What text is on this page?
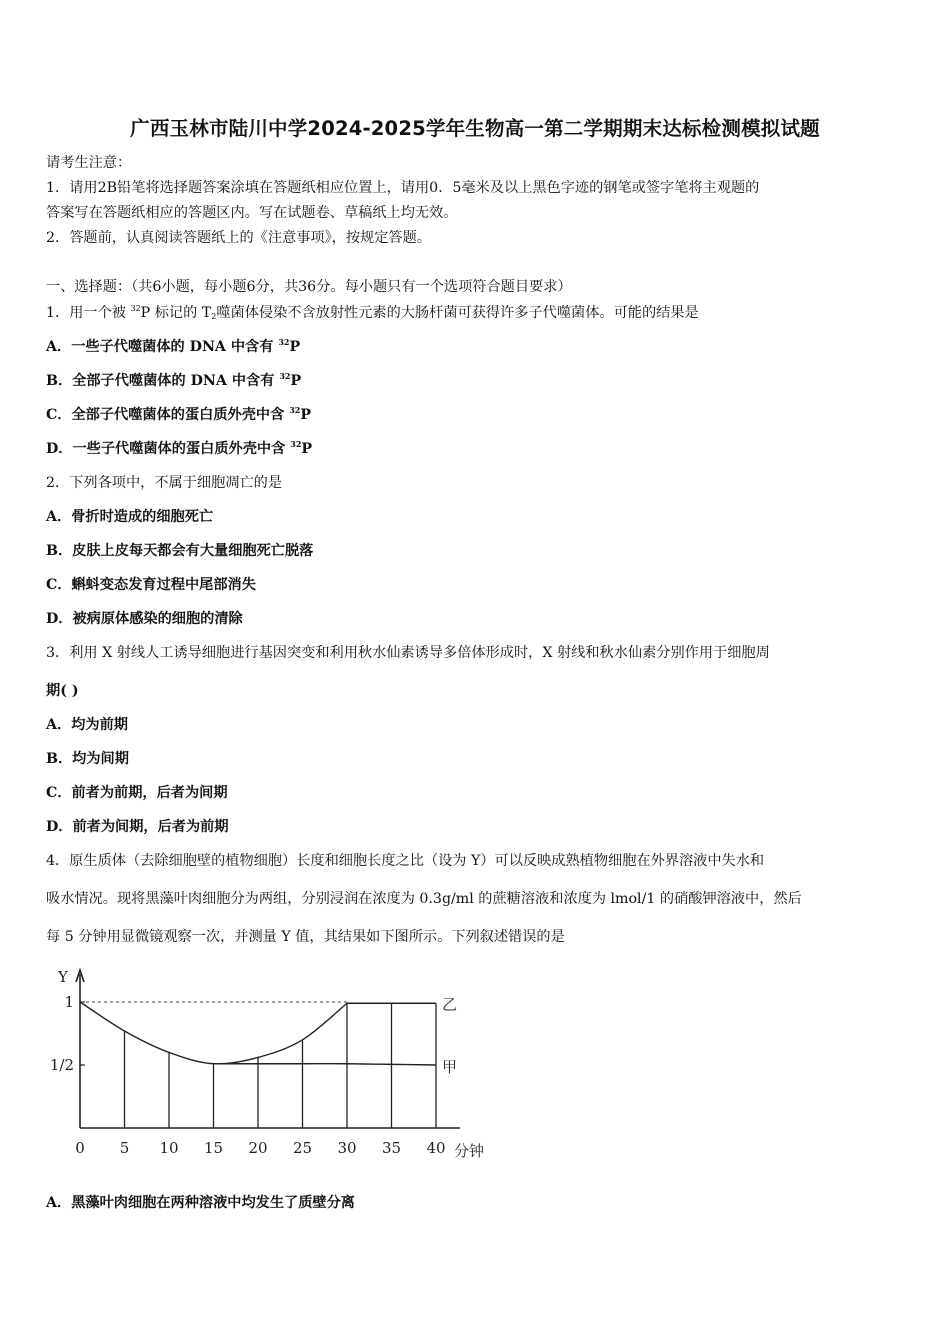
广西玉林市陆川中学2024-2025学年生物高一第二学期期末达标检测模拟试题
请考生注意：
1．请用2B铅笔将选择题答案涂填在答题纸相应位置上，请用0．5毫米及以上黑色字迹的钢笔或签字笔将主观题的
答案写在答题纸相应的答题区内。写在试题卷、草稿纸上均无效。
2．答题前，认真阅读答题纸上的《注意事项》，按规定答题。
一、选择题：（共6小题，每小题6分，共36分。每小题只有一个选项符合题目要求）
1．用一个被 $^{32}$P 标记的 $T_2$噬菌体侵染不含放射性元素的大肠杆菌可获得许多子代噬菌体。可能的结果是
A．一些子代噬菌体的 DNA 中含有 $^{32}$P
B．全部子代噬菌体的 DNA 中含有 $^{32}$P
C．全部子代噬菌体的蛋白质外壳中含 $^{32}$P
D．一些子代噬菌体的蛋白质外壳中含 $^{32}$P
2．下列各项中，不属于细胞凋亡的是
A．骨折时造成的细胞死亡
B．皮肤上皮每天都会有大量细胞死亡脱落
C．蝌蚪变态发育过程中尾部消失
D．被病原体感染的细胞的清除
3．利用 X 射线人工诱导细胞进行基因突变和利用秋水仙素诱导多倍体形成时，X 射线和秋水仙素分别作用于细胞周
期( )
A．均为前期
B．均为间期
C．前者为前期，后者为间期
D．前者为间期，后者为前期
4．原生质体（去除细胞壁的植物细胞）长度和细胞长度之比（设为 Y）可以反映成熟植物细胞在外界溶液中失水和
吸水情况。现将黑藻叶肉细胞分为两组，分别浸润在浓度为 0.3g/ml 的蔗糖溶液和浓度为 lmol/1 的硝酸钾溶液中，然后
每 5 分钟用显微镜观察一次，并测量 Y 值，其结果如下图所示。下列叙述错误的是
Y
1
1/2
0 5 10 15 20 25 30 35 40 分钟
乙
甲
A．黑藻叶肉细胞在两种溶液中均发生了质壁分离
